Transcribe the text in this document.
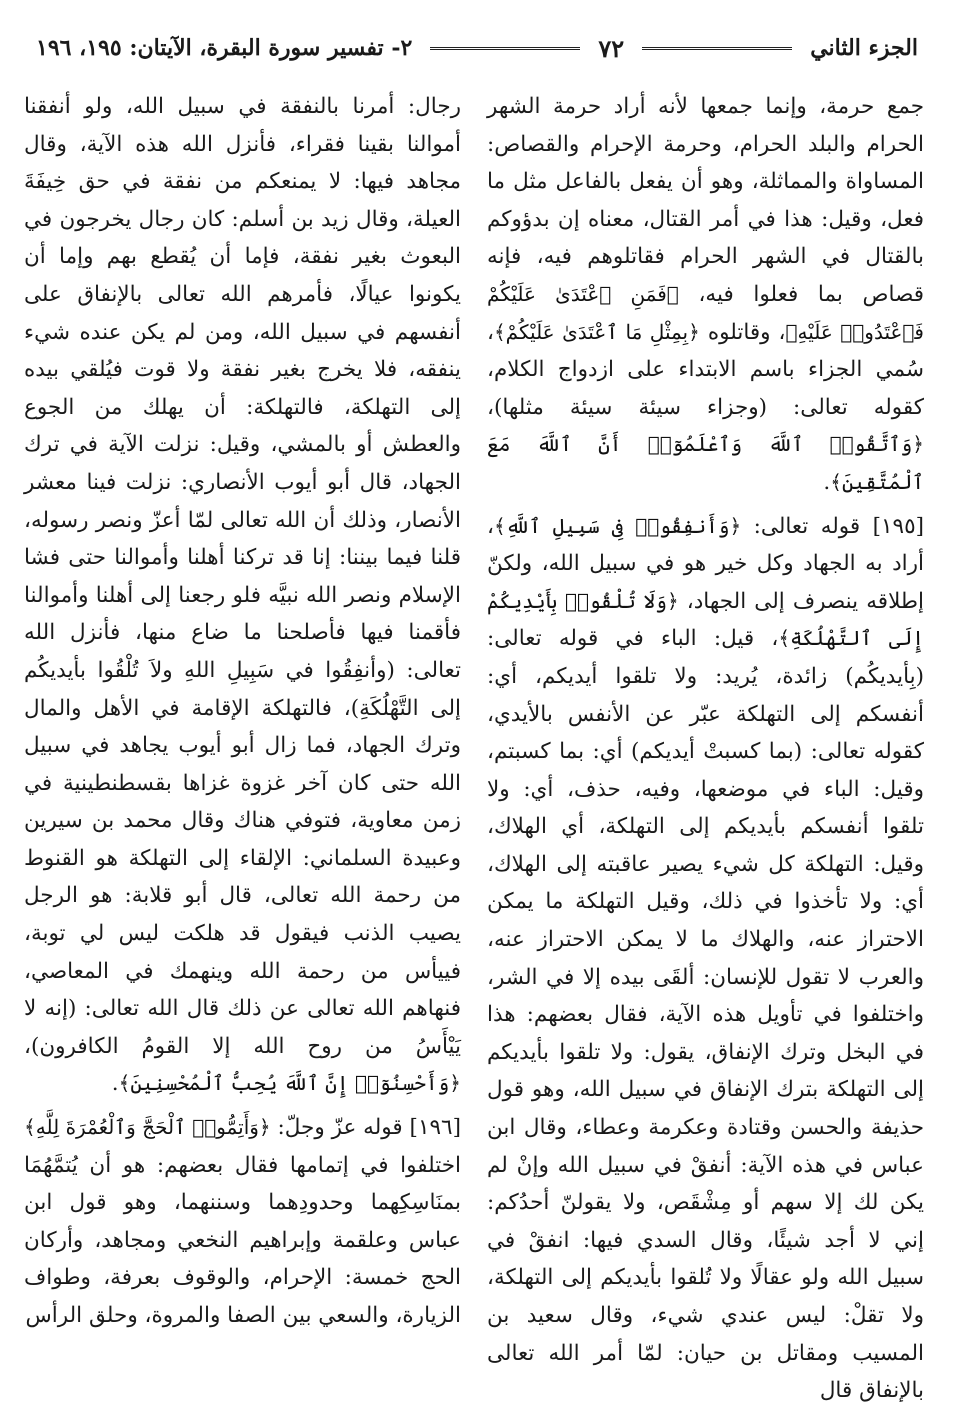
الجزء الثاني
٧٢
٢- تفسير سورة البقرة، الآيتان: ١٩٥، ١٩٦

جمع حرمة، وإنما جمعها لأنه أراد حرمة الشهر الحرام والبلد الحرام، وحرمة الإحرام والقصاص: المساواة والمماثلة، وهو أن يفعل بالفاعل مثل ما فعل، وقيل: هذا في أمر القتال، معناه إن بدؤوكم بالقتال في الشهر الحرام فقاتلوهم فيه، فإنه قصاص بما فعلوا فيه، ﴿فَمَنِ ٱعْتَدَىٰ عَلَيْكُمْ فَٱعْتَدُوا۟ عَلَيْهِ﴾، وقاتلوه ﴿بِمِثْلِ مَا ٱعْتَدَىٰ عَلَيْكُمْ﴾، سُمي الجزاء باسم الابتداء على ازدواج الكلام، كقوله تعالى: (وجزاء سيئة سيئة مثلها)، ﴿وَٱتَّقُوا۟ ٱللَّهَ وَٱعْلَمُوٓا۟ أَنَّ ٱللَّهَ مَعَ ٱلْمُتَّقِينَ﴾.

[١٩٥] قوله تعالى: ﴿وَأَنفِقُوا۟ فِى سَبِيلِ ٱللَّهِ﴾، أراد به الجهاد وكل خير هو في سبيل الله، ولكنّ إطلاقه ينصرف إلى الجهاد، ﴿وَلَا تُلْقُوا۟ بِأَيْدِيكُمْ إِلَى ٱلتَّهْلُكَةِ﴾، قيل: الباء في قوله تعالى: (بِأيديكُم) زائدة، يُريد: ولا تلقوا أيديكم، أي: أنفسكم إلى التهلكة عبّر عن الأنفس بالأيدي، كقوله تعالى: (بما كسبتْ أيديكم) أي: بما كسبتم، وقيل: الباء في موضعها، وفيه، حذف، أي: ولا تلقوا أنفسكم بأيديكم إلى التهلكة، أي الهلاك، وقيل: التهلكة كل شيء يصير عاقبته إلى الهلاك، أي: ولا تأخذوا في ذلك، وقيل التهلكة ما يمكن الاحتراز عنه، والهلاك ما لا يمكن الاحتراز عنه، والعرب لا تقول للإنسان: ألقَى بيده إلا في الشر، واختلفوا في تأويل هذه الآية، فقال بعضهم: هذا في البخل وترك الإنفاق، يقول: ولا تلقوا بأيديكم إلى التهلكة بترك الإنفاق في سبيل الله، وهو قول حذيفة والحسن وقتادة وعكرمة وعطاء، وقال ابن عباس في هذه الآية: أنفقْ في سبيل الله وإنْ لم يكن لك إلا سهم أو مِشْقَص، ولا يقولنّ أحدُكم: إني لا أجد شيئًا، وقال السدي فيها: انفقْ في سبيل الله ولو عقالًا ولا تُلقوا بأيديكم إلى التهلكة، ولا تقلْ: ليس عندي شيء، وقال سعيد بن المسيب ومقاتل بن حيان: لمّا أمر الله تعالى بالإنفاق قال

رجال: أمرنا بالنفقة في سبيل الله، ولو أنفقنا أموالنا بقينا فقراء، فأنزل الله هذه الآية، وقال مجاهد فيها: لا يمنعكم من نفقة في حق خِيفَةَ العيلة، وقال زيد بن أسلم: كان رجال يخرجون في البعوث بغير نفقة، فإما أن يُقطع بهم وإما أن يكونوا عيالًا، فأمرهم الله تعالى بالإنفاق على أنفسهم في سبيل الله، ومن لم يكن عنده شيء ينفقه، فلا يخرج بغير نفقة ولا قوت فيُلقي بيده إلى التهلكة، فالتهلكة: أن يهلك من الجوع والعطش أو بالمشي، وقيل: نزلت الآية في ترك الجهاد، قال أبو أيوب الأنصاري: نزلت فينا معشر الأنصار، وذلك أن الله تعالى لمّا أعزّ ونصر رسوله، قلنا فيما بيننا: إنا قد تركنا أهلنا وأموالنا حتى فشا الإسلام ونصر الله نبيَّه فلو رجعنا إلى أهلنا وأموالنا فأقمنا فيها فأصلحنا ما ضاع منها، فأنزل الله تعالى: (وأنفِقُوا في سَبِيلِ اللهِ ولاَ تُلْقُوا بأيديكُم إلى التَّهْلُكَةِ)، فالتهلكة الإقامة في الأهل والمال وترك الجهاد، فما زال أبو أيوب يجاهد في سبيل الله حتى كان آخر غزوة غزاها بقسطنطينية في زمن معاوية، فتوفي هناك وقال محمد بن سيرين وعبيدة السلماني: الإلقاء إلى التهلكة هو القنوط من رحمة الله تعالى، قال أبو قلابة: هو الرجل يصيب الذنب فيقول قد هلكت ليس لي توبة، فييأس من رحمة الله وينهمك في المعاصي، فنهاهم الله تعالى عن ذلك قال الله تعالى: (إنه لا يَيْأَسُ من روح الله إلا القومُ الكافرون)، ﴿وَأَحْسِنُوٓا۟ إِنَّ ٱللَّهَ يُحِبُّ ٱلْمُحْسِنِينَ﴾.

[١٩٦] قوله عزّ وجلّ: ﴿وَأَتِمُّوا۟ ٱلْحَجَّ وَٱلْعُمْرَةَ لِلَّهِ﴾ اختلفوا في إتمامها فقال بعضهم: هو أن يُتمَّهُمَا بمنَاسِكِهما وحدودِهما وسننهما، وهو قول ابن عباس وعلقمة وإبراهيم النخعي ومجاهد، وأركان الحج خمسة: الإحرام، والوقوف بعرفة، وطواف الزيارة، والسعي بين الصفا والمروة، وحلق الرأس
